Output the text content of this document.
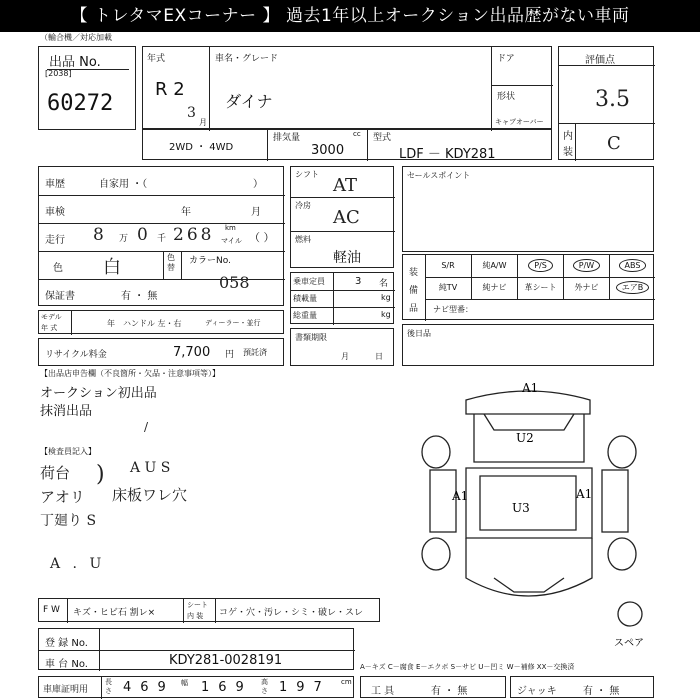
【 トレタマEXコーナー 】 過去1年以上オークション出品歴がない車両
（輸合機／対応加載
出品 No.
[2038]
60272
年式
R 2
3
月
車名・グレード
ダイナ
ドア
形状
キャブオーバー
評価点
3.5
内
装 C
2WD ・ 4WD
排気量	cc
3000
型式
LDF － KDY281
車歴	自家用 ・（	）
車検	年	月
走行 8 万 0 千 268 km
マイル （ ）
色 白	色替
カラーNo.
058
保証書	有 ・ 無
モデル
年 式	年 ハンドル 左・右	ディーラー・並行
リサイクル料金	7,700 円 預託済
シフト
AT
冷房
AC
燃料
軽油
乗車定員	3 名
積載量	kg
総重量	kg
書類期限
月	日
セールスポイント
装
備
品
S/R	純A/W	P/S	P/W	ABS
純TV	純ナビ	革シート	外ナビ	エアB
ナビ型番：
後日品
【出品店申告欄（不良箇所・欠品・注意事項等）】
オークション初出品
抹消出品
/
【検査員記入】
荷台 ) A U S
アオリ 床板ワレ穴
丁廻り S
A . U
A1
U2
A1
U3
A1
スペア
F W キズ・ヒビ石 割レ×
シート
内 装 コゲ・穴・汚レ・シミ・破レ・スレ
登 録 No.
車 台 No.	KDY281-0028191	A－キズ C－腐食 E－エクボ S－サビ U－凹ミ W－補修 XX－交換済
車庫証明用
長さ 469 幅 169 高さ 197 cm
工 具	有 ・ 無	ジャッキ	有 ・ 無
